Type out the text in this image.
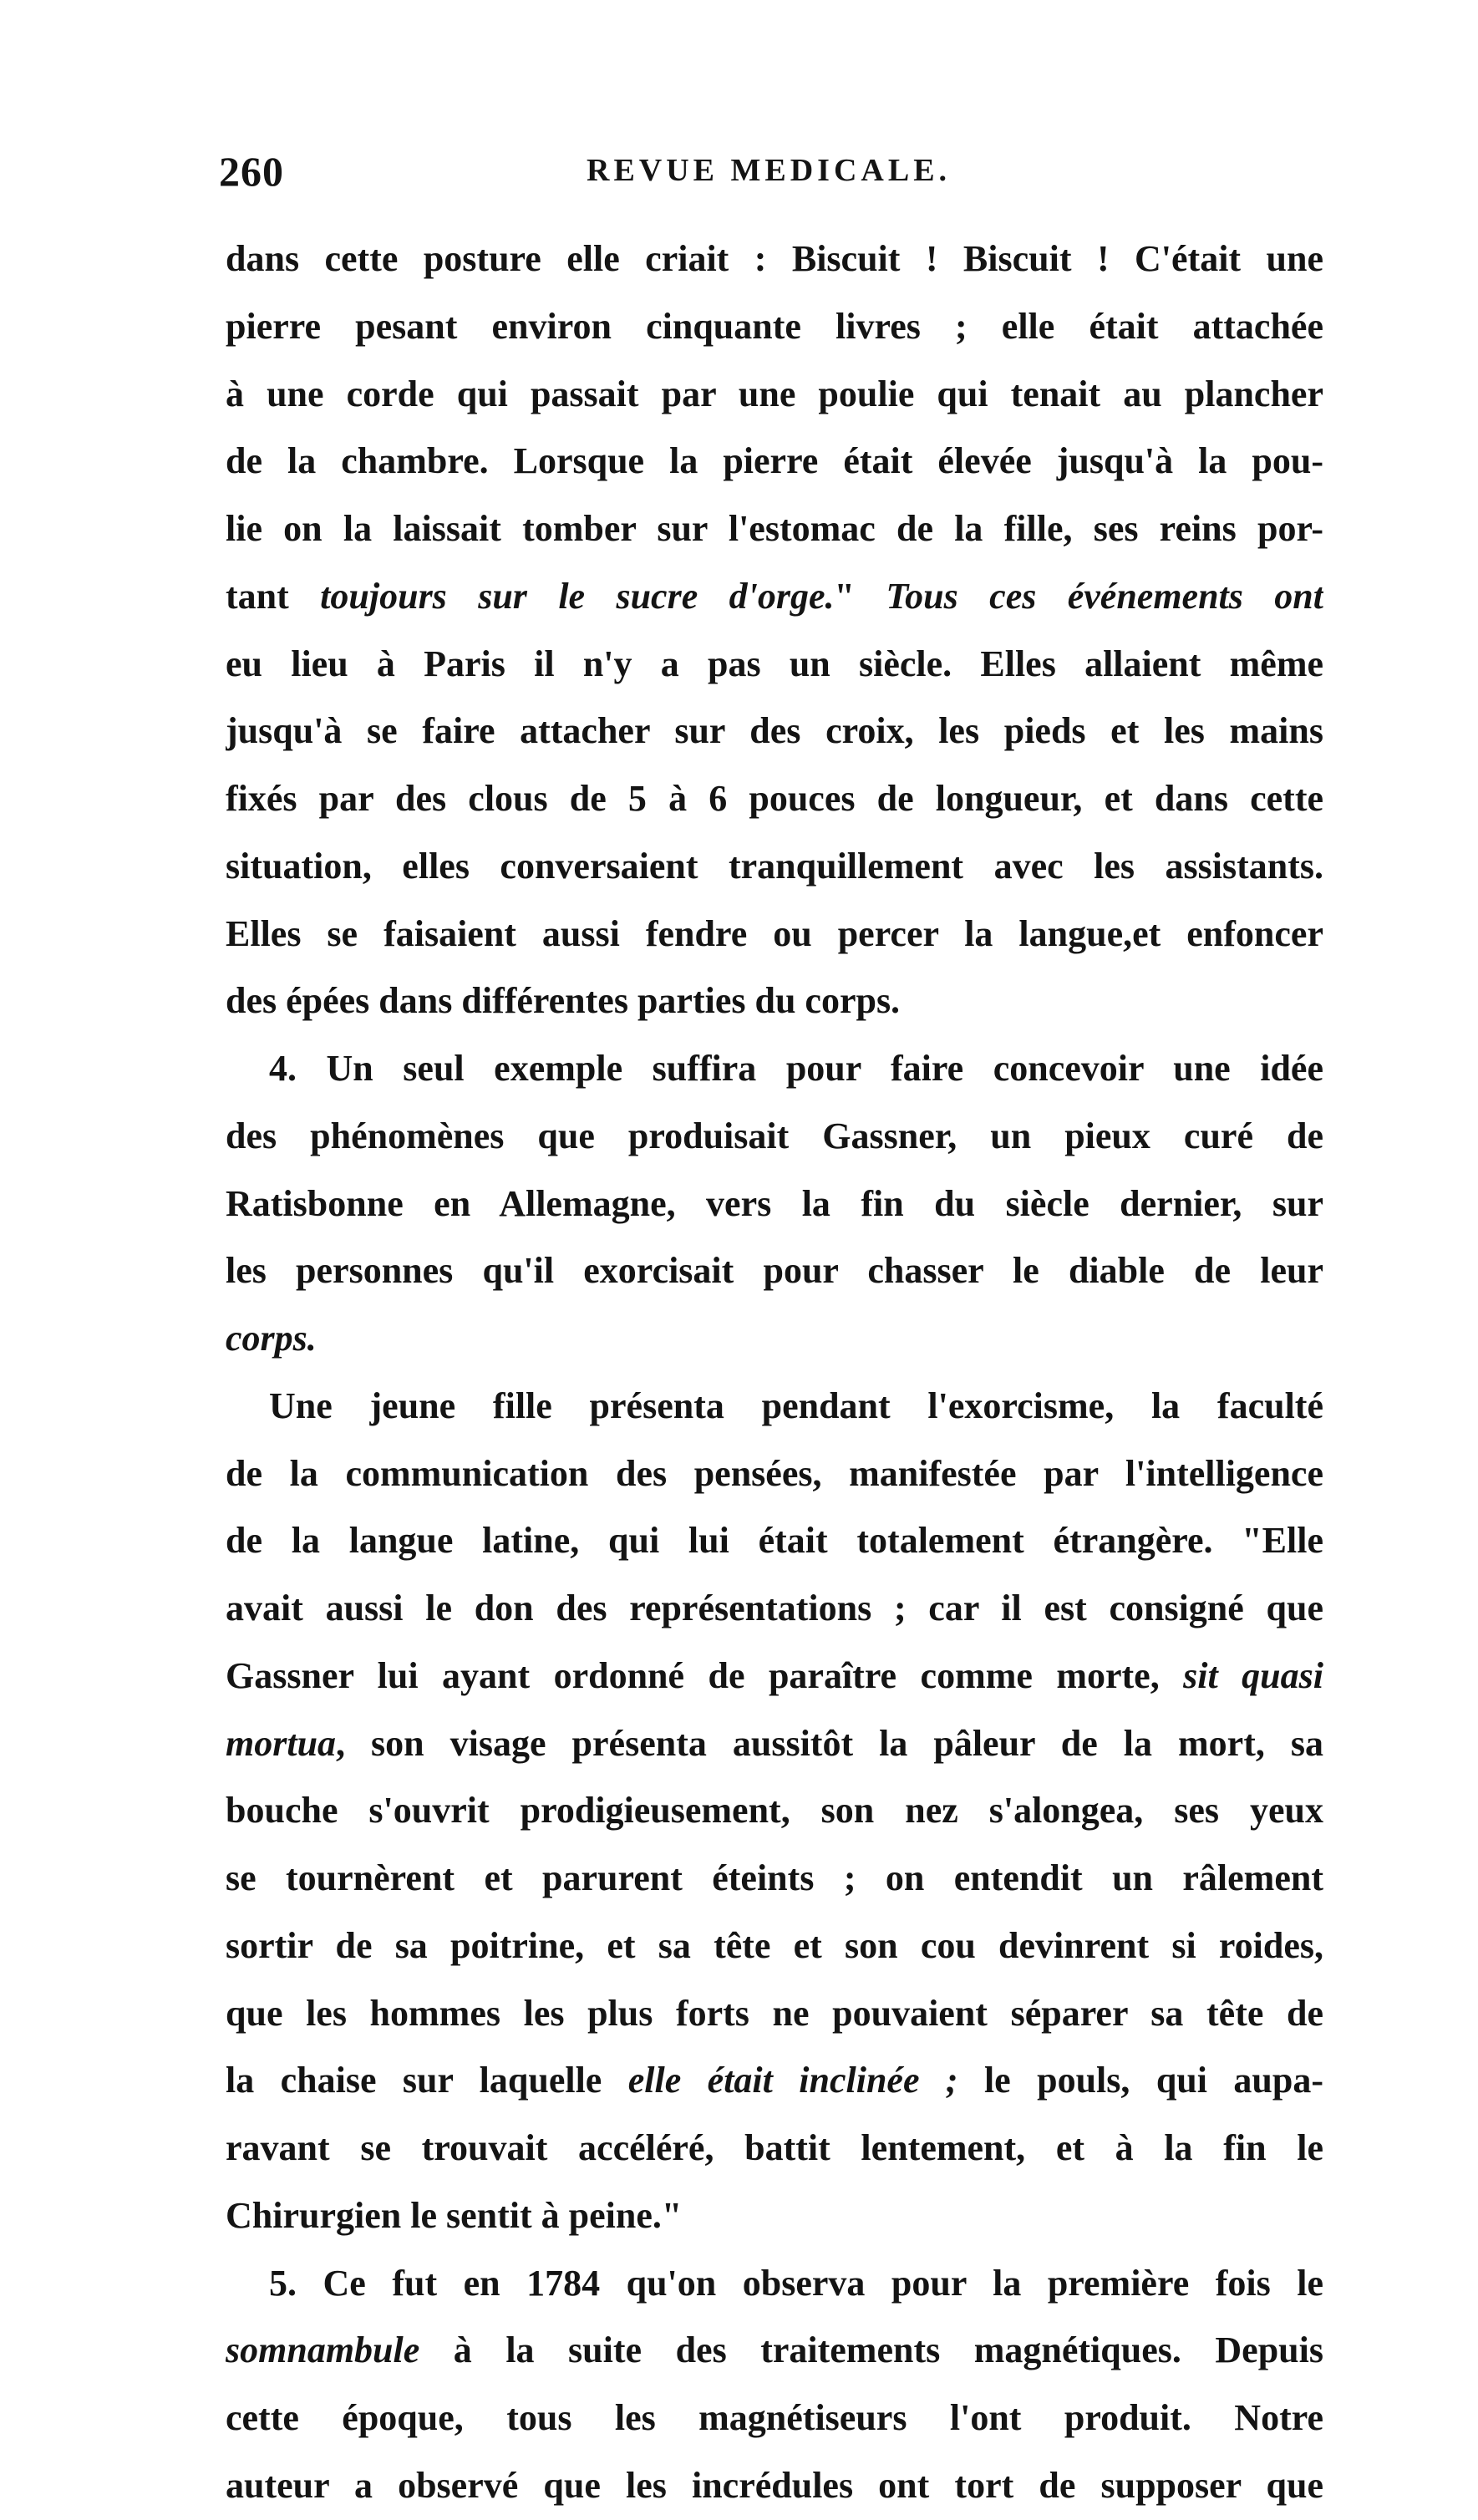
260	REVUE MEDICALE.
dans cette posture elle criait : Biscuit ! Biscuit ! C'était une
pierre pesant environ cinquante livres ; elle était attachée
à une corde qui passait par une poulie qui tenait au plancher
de la chambre. Lorsque la pierre était élevée jusqu'à la pou-
lie on la laissait tomber sur l'estomac de la fille, ses reins por-
tant toujours sur le sucre d'orge." Tous ces événements ont
eu lieu à Paris il n'y a pas un siècle. Elles allaient même
jusqu'à se faire attacher sur des croix, les pieds et les mains
fixés par des clous de 5 à 6 pouces de longueur, et dans cette
situation, elles conversaient tranquillement avec les assistants.
Elles se faisaient aussi fendre ou percer la langue,et enfoncer
des épées dans différentes parties du corps.
4. Un seul exemple suffira pour faire concevoir une idée
des phénomènes que produisait Gassner, un pieux curé de
Ratisbonne en Allemagne, vers la fin du siècle dernier, sur
les personnes qu'il exorcisait pour chasser le diable de leur
corps.
Une jeune fille présenta pendant l'exorcisme, la faculté
de la communication des pensées, manifestée par l'intelligence
de la langue latine, qui lui était totalement étrangère. "Elle
avait aussi le don des représentations ; car il est consigné que
Gassner lui ayant ordonné de paraître comme morte, sit quasi
mortua, son visage présenta aussitôt la pâleur de la mort, sa
bouche s'ouvrit prodigieusement, son nez s'alongea, ses yeux
se tournèrent et parurent éteints ; on entendit un râlement
sortir de sa poitrine, et sa tête et son cou devinrent si roides,
que les hommes les plus forts ne pouvaient séparer sa tête de
la chaise sur laquelle elle était inclinée ; le pouls, qui aupa-
ravant se trouvait accéléré, battit lentement, et à la fin le
Chirurgien le sentit à peine."
5. Ce fut en 1784 qu'on observa pour la première fois le
somnambule à la suite des traitements magnétiques. Depuis
cette époque, tous les magnétiseurs l'ont produit. Notre
auteur a observé que les incrédules ont tort de supposer que
